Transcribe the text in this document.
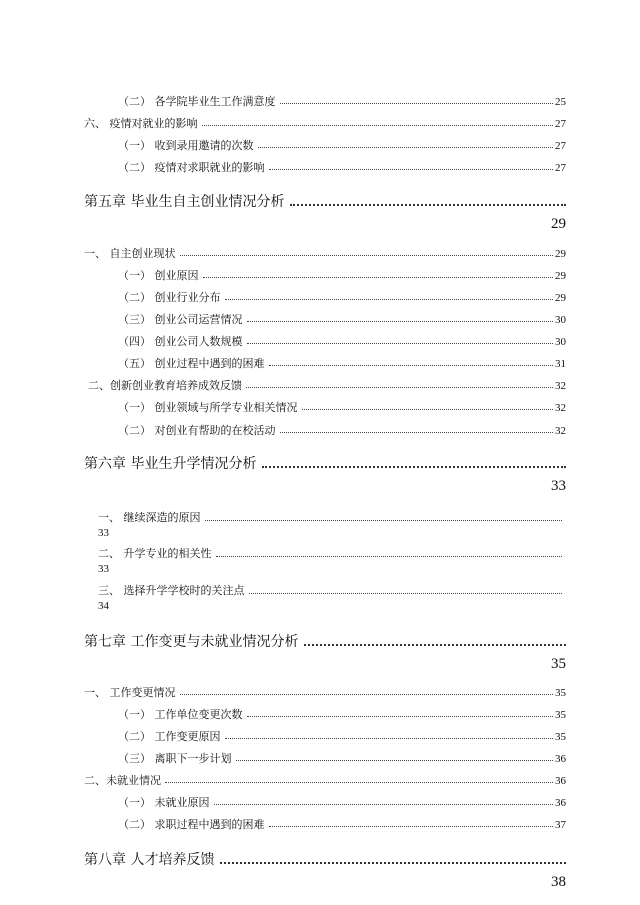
（二） 各学院毕业生工作满意度	25
六、 疫情对就业的影响	27
（一） 收到录用邀请的次数	27
（二） 疫情对求职就业的影响	27
第五章 毕业生自主创业情况分析
29
一、 自主创业现状	29
（一） 创业原因	29
（二） 创业行业分布	29
（三） 创业公司运营情况	30
（四） 创业公司人数规模	30
（五） 创业过程中遇到的困难	31
二、创新创业教育培养成效反馈	32
（一） 创业领域与所学专业相关情况	32
（二） 对创业有帮助的在校活动	32
第六章 毕业生升学情况分析
33
一、 继续深造的原因
33
二、 升学专业的相关性
33
三、 选择升学学校时的关注点
34
第七章 工作变更与未就业情况分析
35
一、 工作变更情况	35
（一） 工作单位变更次数	35
（二） 工作变更原因	35
（三） 离职下一步计划	36
二、未就业情况	36
（一） 未就业原因	36
（二） 求职过程中遇到的困难	37
第八章 人才培养反馈
38
